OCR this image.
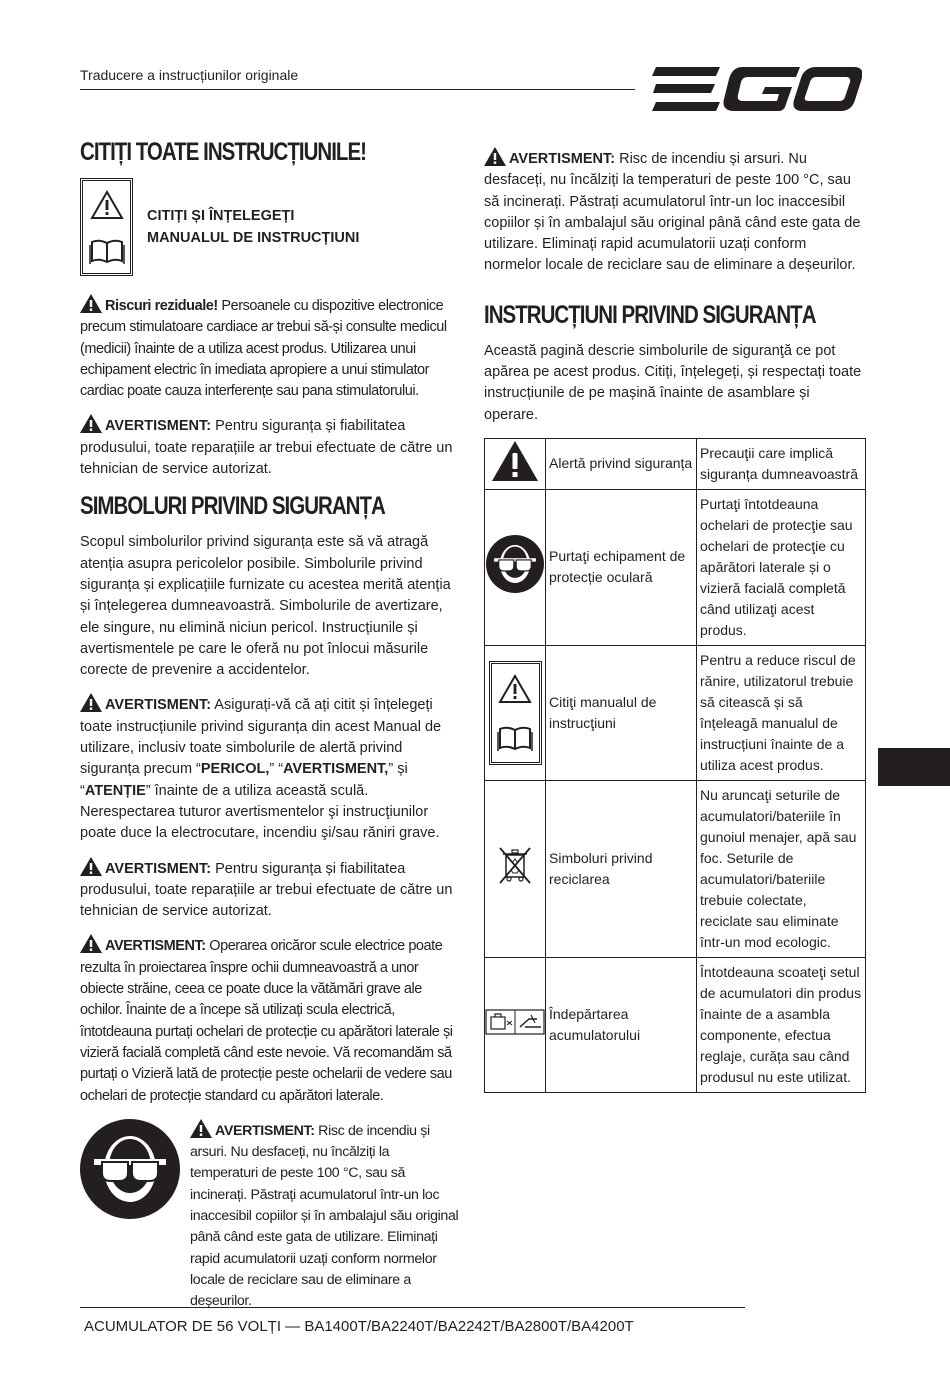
Traducere a instrucțiunilor originale
CITIȚI TOATE INSTRUCȚIUNILE!
CITIȚI ȘI ÎNȚELEGEȚI
MANUALUL DE INSTRUCȚIUNI

Riscuri reziduale! Persoanele cu dispozitive electronice precum stimulatoare cardiace ar trebui să-și consulte medicul (medicii) înainte de a utiliza acest produs. Utilizarea unui echipament electric în imediata apropiere a unui stimulator cardiac poate cauza interferențe sau pana stimulatorului.

AVERTISMENT: Pentru siguranța și fiabilitatea produsului, toate reparațiile ar trebui efectuate de către un tehnician de service autorizat.

SIMBOLURI PRIVIND SIGURANȚA

Scopul simbolurilor privind siguranța este să vă atragă atenția asupra pericolelor posibile. Simbolurile privind siguranța și explicațiile furnizate cu acestea merită atenția și înțelegerea dumneavoastră. Simbolurile de avertizare, ele singure, nu elimină niciun pericol. Instrucțiunile și avertismentele pe care le oferă nu pot înlocui măsurile corecte de prevenire a accidentelor.

AVERTISMENT: Asigurați-vă că ați citit și înțelegeți toate instrucțiunile privind siguranța din acest Manual de utilizare, inclusiv toate simbolurile de alertă privind siguranța precum “PERICOL,” “AVERTISMENT,” și “ATENȚIE” înainte de a utiliza această sculă. Nerespectarea tuturor avertismentelor şi instrucţiunilor poate duce la electrocutare, incendiu şi/sau răniri grave.

AVERTISMENT: Pentru siguranța și fiabilitatea produsului, toate reparațiile ar trebui efectuate de către un tehnician de service autorizat.

AVERTISMENT: Operarea oricăror scule electrice poate rezulta în proiectarea înspre ochii dumneavoastră a unor obiecte străine, ceea ce poate duce la vătămări grave ale ochilor. Înainte de a începe să utilizați scula electrică, întotdeauna purtați ochelari de protecție cu apărători laterale și vizieră facială completă când este nevoie. Vă recomandăm să purtați o Vizieră lată de protecție peste ochelarii de vedere sau ochelari de protecție standard cu apărători laterale.

AVERTISMENT: Risc de incendiu și arsuri. Nu desfaceți, nu încălziți la temperaturi de peste 100 °C, sau să incinerați. Păstrați acumulatorul într-un loc inaccesibil copiilor și în ambalajul său original până când este gata de utilizare. Eliminați rapid acumulatorii uzați conform normelor locale de reciclare sau de eliminare a deșeurilor.

AVERTISMENT: Risc de incendiu și arsuri. Nu desfaceți, nu încălziți la temperaturi de peste 100 °C, sau să incinerați. Păstrați acumulatorul într-un loc inaccesibil copiilor și în ambalajul său original până când este gata de utilizare. Eliminați rapid acumulatorii uzați conform normelor locale de reciclare sau de eliminare a deșeurilor.

INSTRUCȚIUNI PRIVIND SIGURANȚA

Această pagină descrie simbolurile de siguranţă ce pot apărea pe acest produs. Citiți, înțelegeți, și respectați toate instrucțiunile de pe mașină înainte de asamblare și operare.

	Alertă privind siguranța	Precauţii care implică siguranța dumneavoastră
	Purtaţi echipament de protecție oculară	Purtaţi întotdeauna ochelari de protecţie sau ochelari de protecţie cu apărători laterale și o vizieră facială completă când utilizaţi acest produs.

	Citiţi manualul de instrucţiuni	Pentru a reduce riscul de rănire, utilizatorul trebuie să citească și să înțeleagă manualul de instrucțiuni înainte de a utiliza acest produs.
	Simboluri privind reciclarea	Nu aruncaţi seturile de acumulatori/bateriile în gunoiul menajer, apă sau foc. Seturile de acumulatori/bateriile trebuie colectate, reciclate sau eliminate într-un mod ecologic.
	Îndepărtarea acumulatorului	Întotdeauna scoateţi setul de acumulatori din produs înainte de a asambla componente, efectua reglaje, curăța sau când produsul nu este utilizat.
ACUMULATOR DE 56 VOLȚI — BA1400T/BA2240T/BA2242T/BA2800T/BA4200T
